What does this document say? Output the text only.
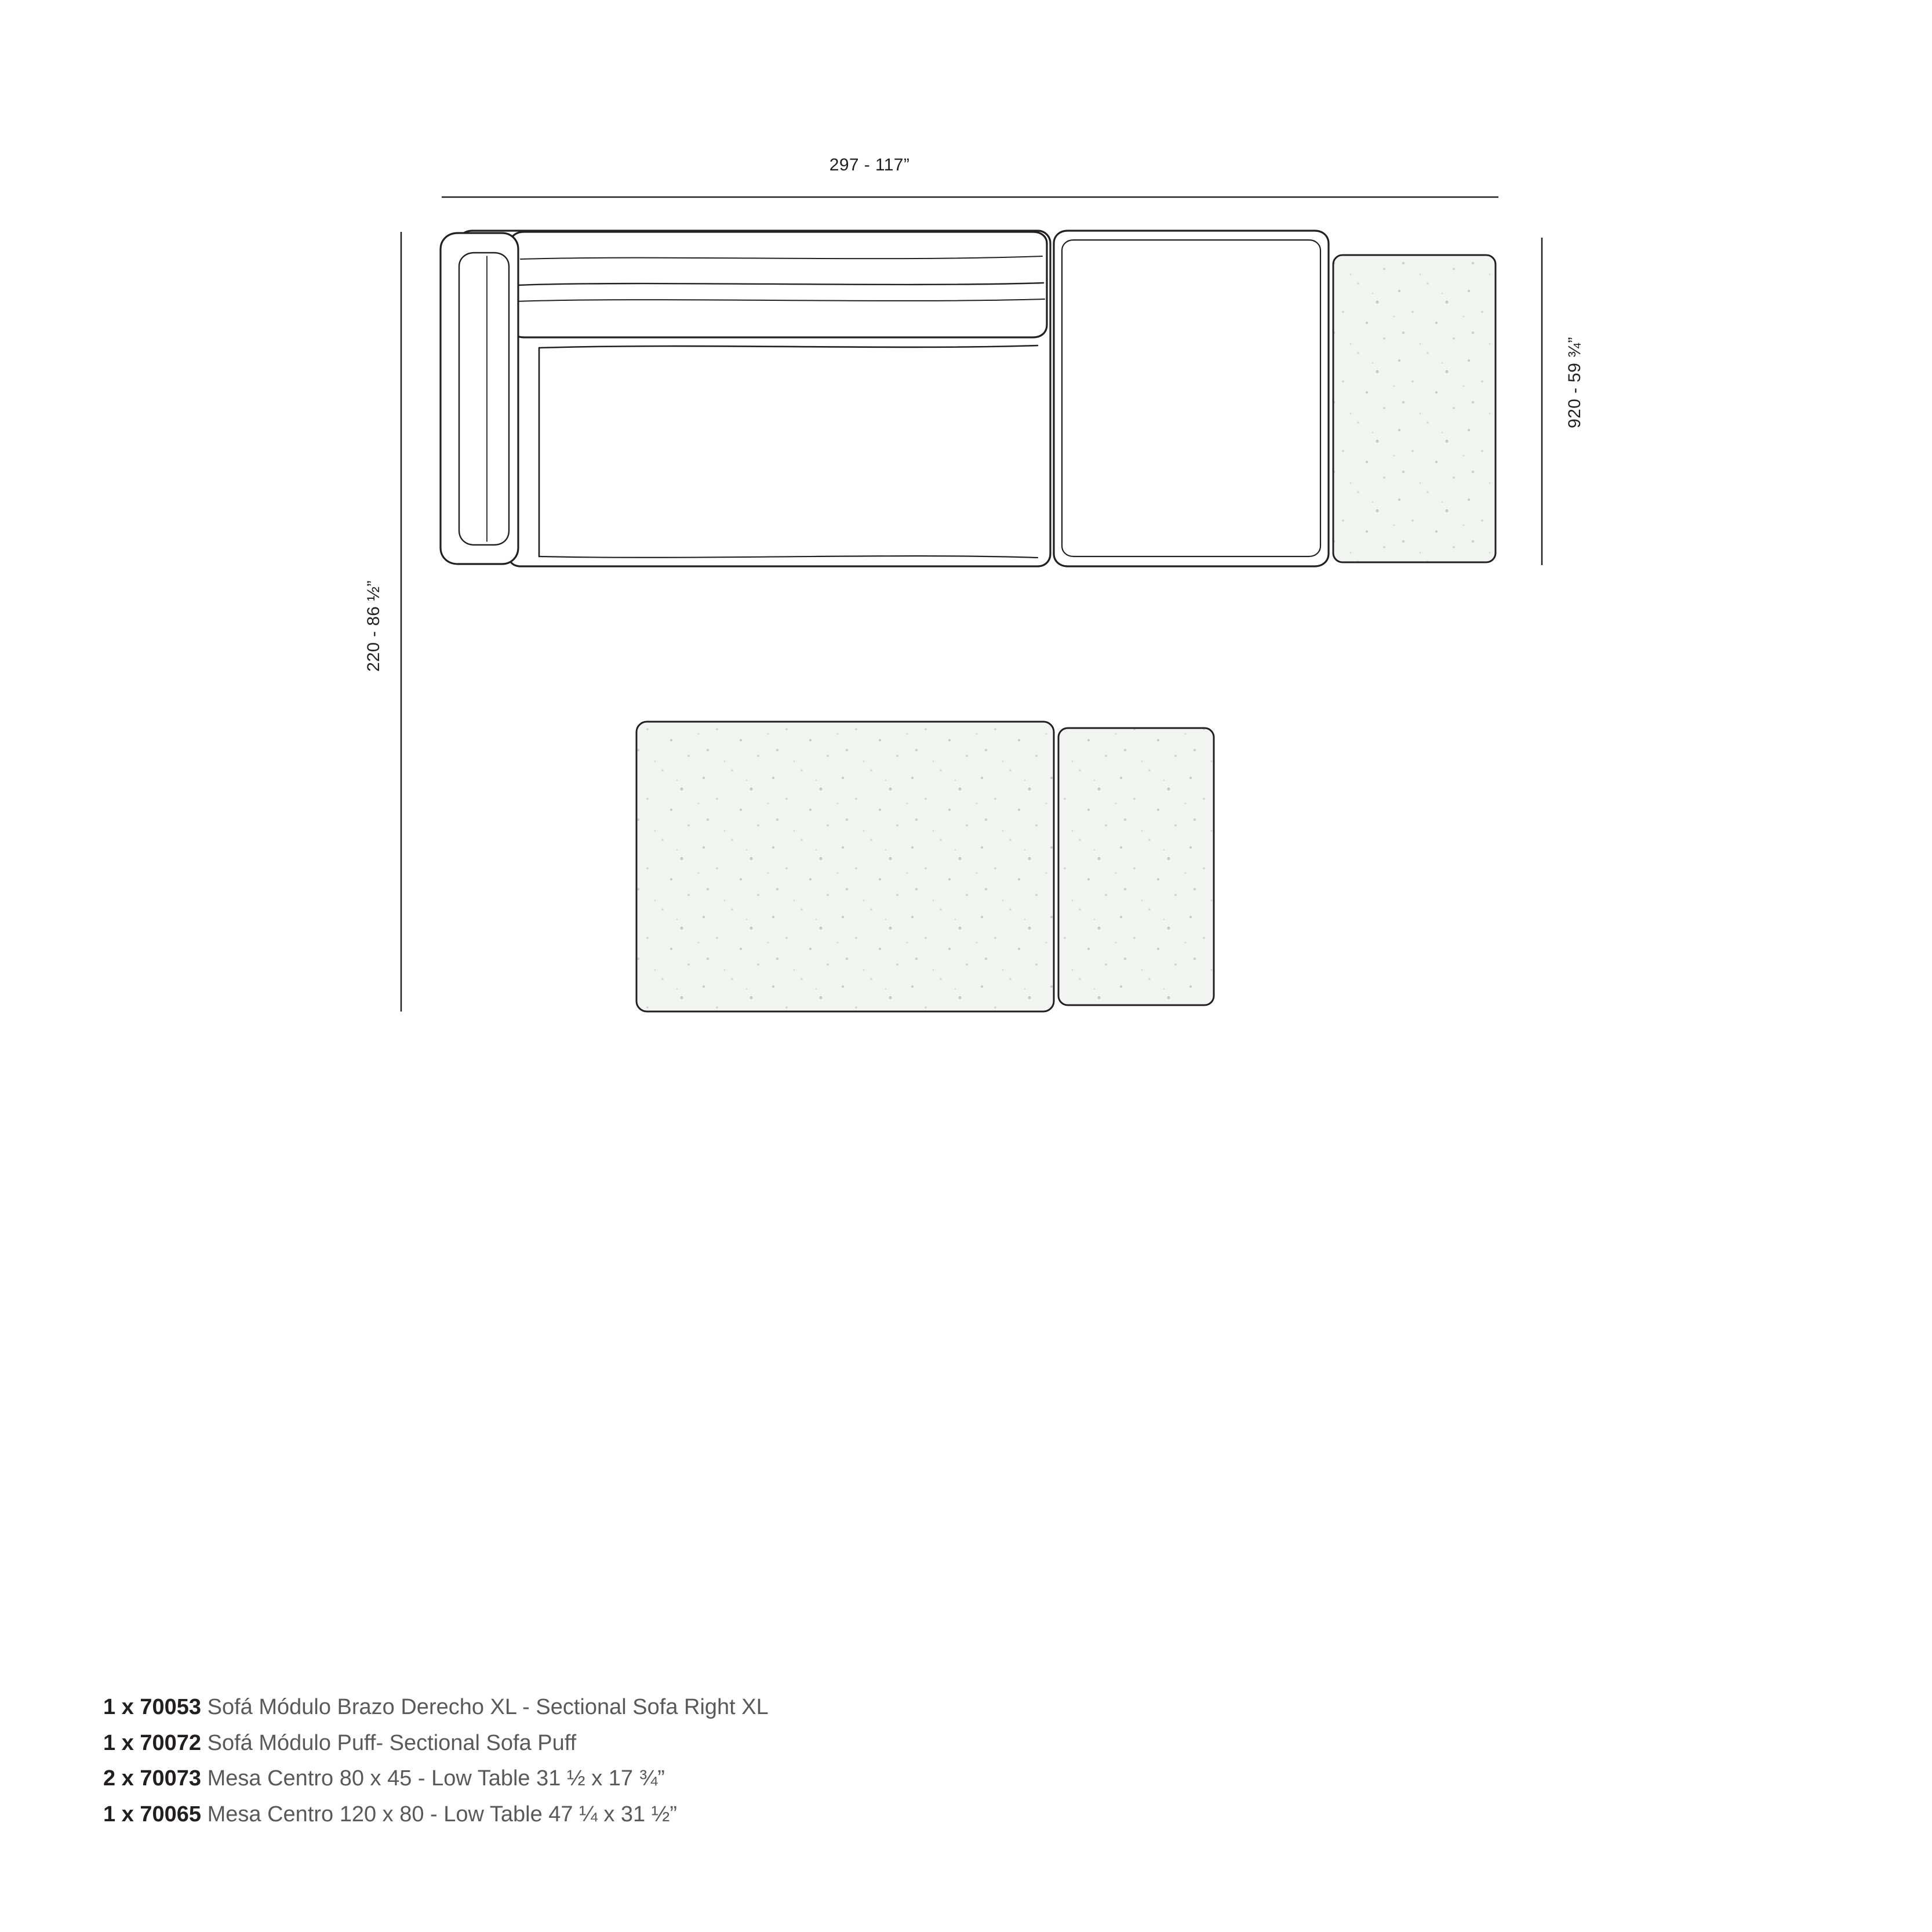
297 - 117”
920 - 59 ¾”
220 - 86 ½”
1 x 70053 Sofá Módulo Brazo Derecho XL - Sectional Sofa Right XL
1 x 70072 Sofá Módulo Puff- Sectional Sofa Puff
2 x 70073 Mesa Centro 80 x 45 - Low Table 31 ½ x 17 ¾”
1 x 70065 Mesa Centro 120 x 80 - Low Table 47 ¼ x 31 ½”
